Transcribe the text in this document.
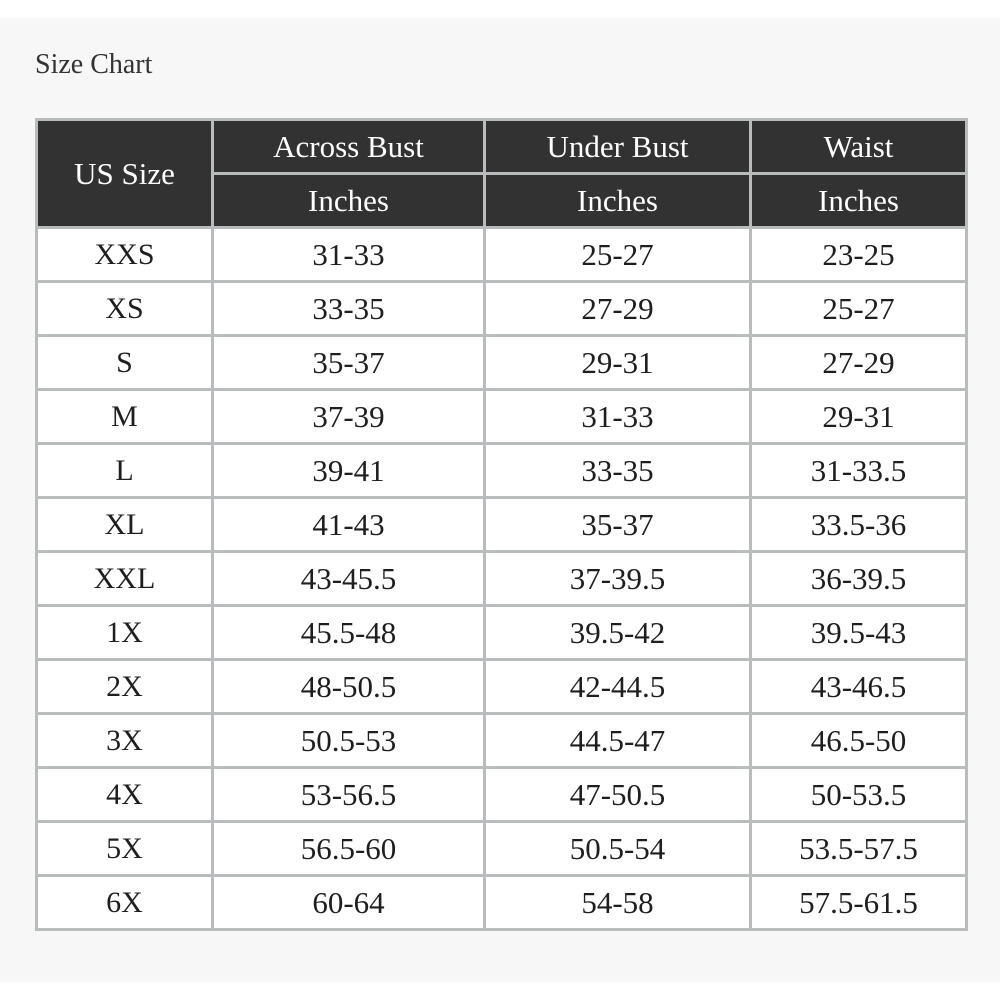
Size Chart
US Size	Across Bust	Under Bust	Waist
	Inches	Inches	Inches
XXS	31-33	25-27	23-25
XS	33-35	27-29	25-27
S	35-37	29-31	27-29
M	37-39	31-33	29-31
L	39-41	33-35	31-33.5
XL	41-43	35-37	33.5-36
XXL	43-45.5	37-39.5	36-39.5
1X	45.5-48	39.5-42	39.5-43
2X	48-50.5	42-44.5	43-46.5
3X	50.5-53	44.5-47	46.5-50
4X	53-56.5	47-50.5	50-53.5
5X	56.5-60	50.5-54	53.5-57.5
6X	60-64	54-58	57.5-61.5
